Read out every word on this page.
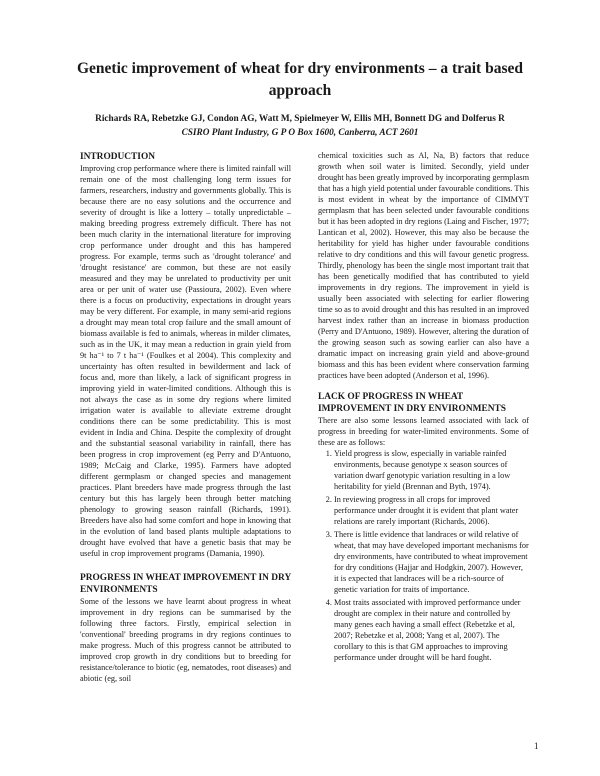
Genetic improvement of wheat for dry environments – a trait based approach
Richards RA, Rebetzke GJ, Condon AG, Watt M, Spielmeyer W, Ellis MH, Bonnett DG and Dolferus R
CSIRO Plant Industry, G P O Box 1600, Canberra, ACT 2601
INTRODUCTION

Improving crop performance where there is limited rainfall will remain one of the most challenging long term issues for farmers, researchers, industry and governments globally. This is because there are no easy solutions and the occurrence and severity of drought is like a lottery – totally unpredictable – making breeding progress extremely difficult. There has not been much clarity in the international literature for improving crop performance under drought and this has hampered progress. For example, terms such as 'drought tolerance' and 'drought resistance' are common, but these are not easily measured and they may be unrelated to productivity per unit area or per unit of water use (Passioura, 2002). Even where there is a focus on productivity, expectations in drought years may be very different. For example, in many semi-arid regions a drought may mean total crop failure and the small amount of biomass available is fed to animals, whereas in milder climates, such as in the UK, it may mean a reduction in grain yield from 9t ha⁻¹ to 7 t ha⁻¹ (Foulkes et al 2004). This complexity and uncertainty has often resulted in bewilderment and lack of focus and, more than likely, a lack of significant progress in improving yield in water-limited conditions. Although this is not always the case as in some dry regions where limited irrigation water is available to alleviate extreme drought conditions there can be some predictability. This is most evident in India and China. Despite the complexity of drought and the substantial seasonal variability in rainfall, there has been progress in crop improvement (eg Perry and D'Antuono, 1989; McCaig and Clarke, 1995). Farmers have adopted different germplasm or changed species and management practices. Plant breeders have made progress through the last century but this has largely been through better matching phenology to growing season rainfall (Richards, 1991). Breeders have also had some comfort and hope in knowing that in the evolution of land based plants multiple adaptations to drought have evolved that have a genetic basis that may be useful in crop improvement programs (Damania, 1990).

PROGRESS IN WHEAT IMPROVEMENT IN DRY ENVIRONMENTS

Some of the lessons we have learnt about progress in wheat improvement in dry regions can be summarised by the following three factors. Firstly, empirical selection in 'conventional' breeding programs in dry regions continues to make progress. Much of this progress cannot be attributed to improved crop growth in dry conditions but to breeding for resistance/tolerance to biotic (eg, nematodes, root diseases) and abiotic (eg, soil

chemical toxicities such as Al, Na, B) factors that reduce growth when soil water is limited. Secondly, yield under drought has been greatly improved by incorporating germplasm that has a high yield potential under favourable conditions. This is most evident in wheat by the importance of CIMMYT germplasm that has been selected under favourable conditions but it has been adopted in dry regions (Laing and Fischer, 1977; Lantican et al, 2002). However, this may also be because the heritability for yield has higher under favourable conditions relative to dry conditions and this will favour genetic progress. Thirdly, phenology has been the single most important trait that has been genetically modified that has contributed to yield improvements in dry regions. The improvement in yield is usually been associated with selecting for earlier flowering time so as to avoid drought and this has resulted in an improved harvest index rather than an increase in biomass production (Perry and D'Antuono, 1989). However, altering the duration of the growing season such as sowing earlier can also have a dramatic impact on increasing grain yield and above-ground biomass and this has been evident where conservation farming practices have been adopted (Anderson et al, 1996).

LACK OF PROGRESS IN WHEAT IMPROVEMENT IN DRY ENVIRONMENTS

There are also some lessons learned associated with lack of progress in breeding for water-limited environments. Some of these are as follows:

1. Yield progress is slow, especially in variable rainfed environments, because genotype x season sources of variation dwarf genotypic variation resulting in a low heritability for yield (Brennan and Byth, 1974).
2. In reviewing progress in all crops for improved performance under drought it is evident that plant water relations are rarely important (Richards, 2006).
3. There is little evidence that landraces or wild relative of wheat, that may have developed important mechanisms for dry environments, have contributed to wheat improvement for dry conditions (Hajjar and Hodgkin, 2007). However, it is expected that landraces will be a rich-source of genetic variation for traits of importance.
4. Most traits associated with improved performance under drought are complex in their nature and controlled by many genes each having a small effect (Rebetzke et al, 2007; Rebetzke et al, 2008; Yang et al, 2007). The corollary to this is that GM approaches to improving performance under drought will be hard fought.
1
